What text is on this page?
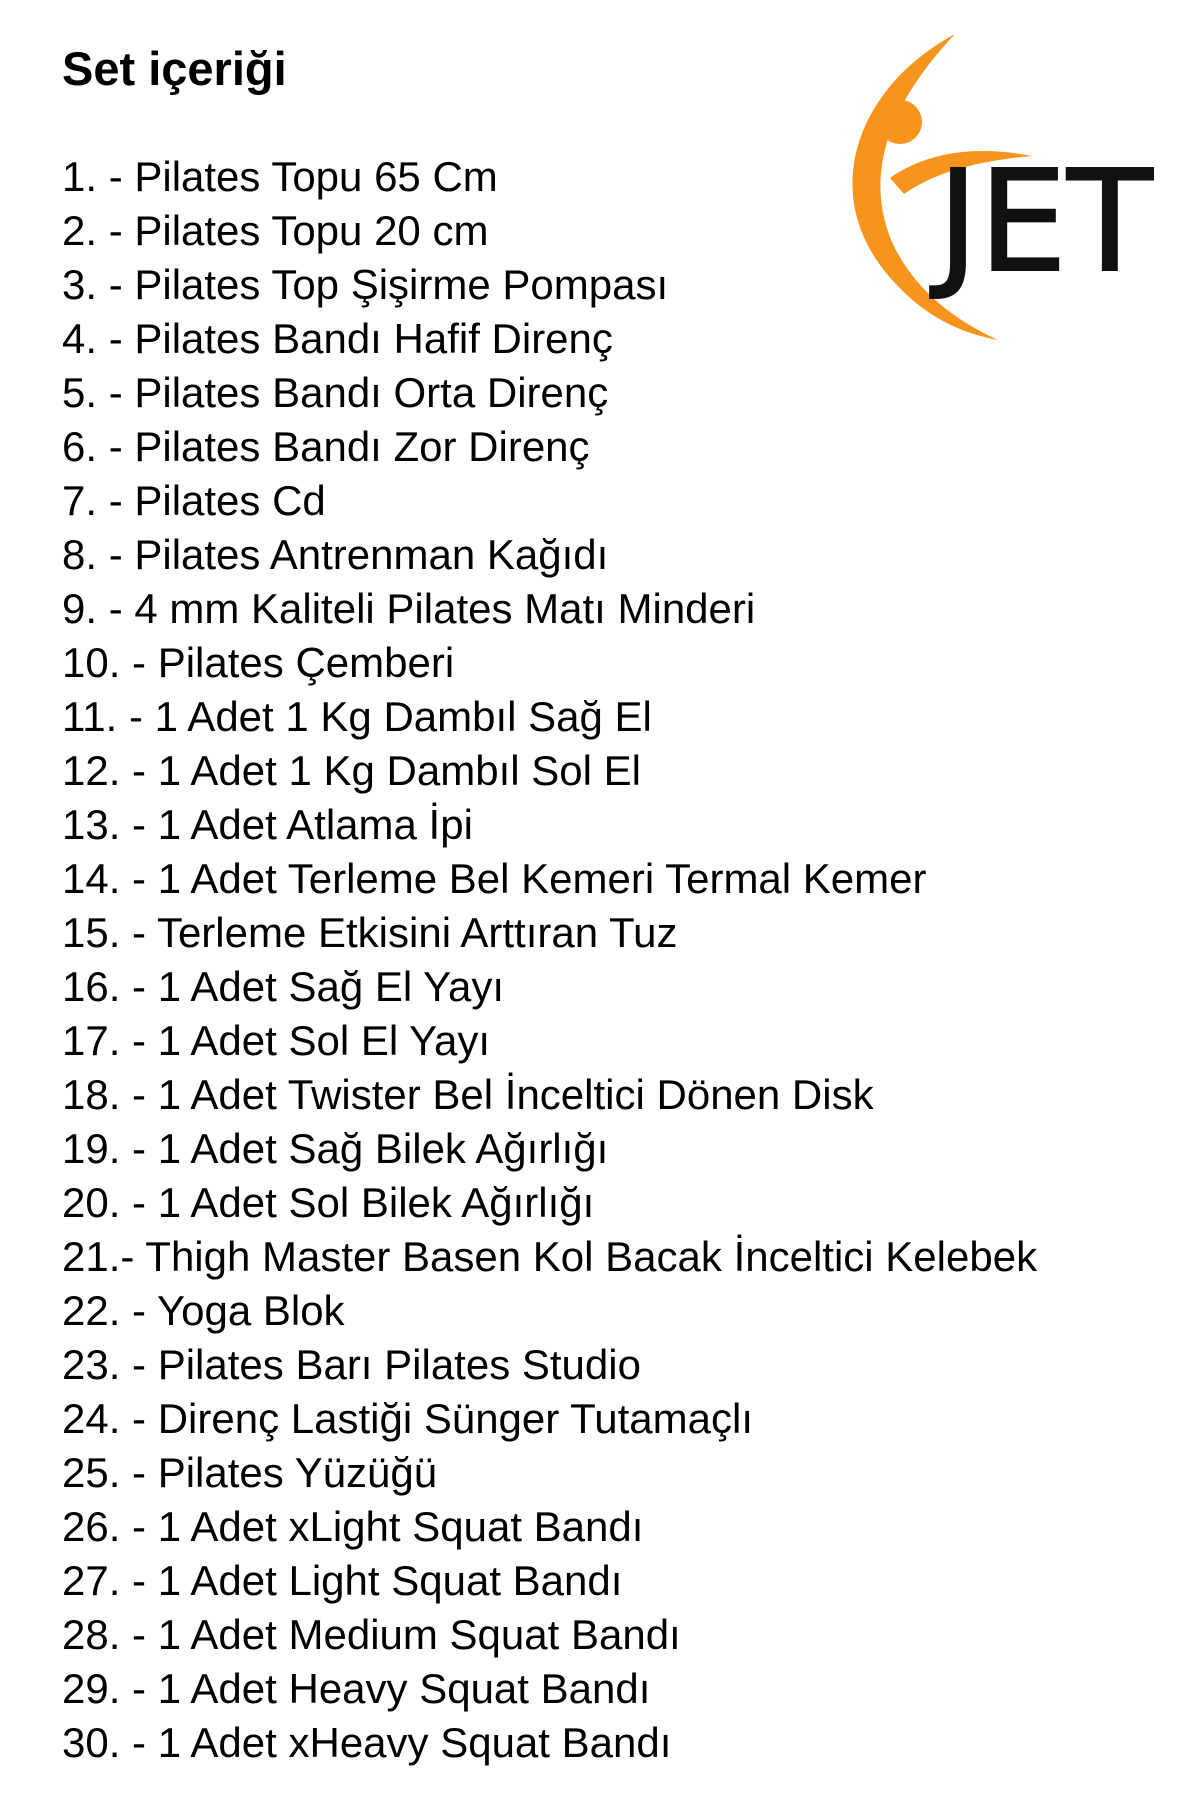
Set içeriği
JET
1. - Pilates Topu 65 Cm
2. - Pilates Topu 20 cm
3. - Pilates Top Şişirme Pompası
4. - Pilates Bandı Hafif Direnç
5. - Pilates Bandı Orta Direnç
6. - Pilates Bandı Zor Direnç
7. - Pilates Cd
8. - Pilates Antrenman Kağıdı
9. - 4 mm Kaliteli Pilates Matı Minderi
10. - Pilates Çemberi
11. - 1 Adet 1 Kg Dambıl Sağ El
12. - 1 Adet 1 Kg Dambıl Sol El
13. - 1 Adet Atlama İpi
14. - 1 Adet Terleme Bel Kemeri Termal Kemer
15. - Terleme Etkisini Arttıran Tuz
16. - 1 Adet Sağ El Yayı
17. - 1 Adet Sol El Yayı
18. - 1 Adet Twister Bel İnceltici Dönen Disk
19. - 1 Adet Sağ Bilek Ağırlığı
20. - 1 Adet Sol Bilek Ağırlığı
21.- Thigh Master Basen Kol Bacak İnceltici Kelebek
22. - Yoga Blok
23. - Pilates Barı Pilates Studio
24. - Direnç Lastiği Sünger Tutamaçlı
25. - Pilates Yüzüğü
26. - 1 Adet xLight Squat Bandı
27. - 1 Adet Light Squat Bandı
28. - 1 Adet Medium Squat Bandı
29. - 1 Adet Heavy Squat Bandı
30. - 1 Adet xHeavy Squat Bandı
